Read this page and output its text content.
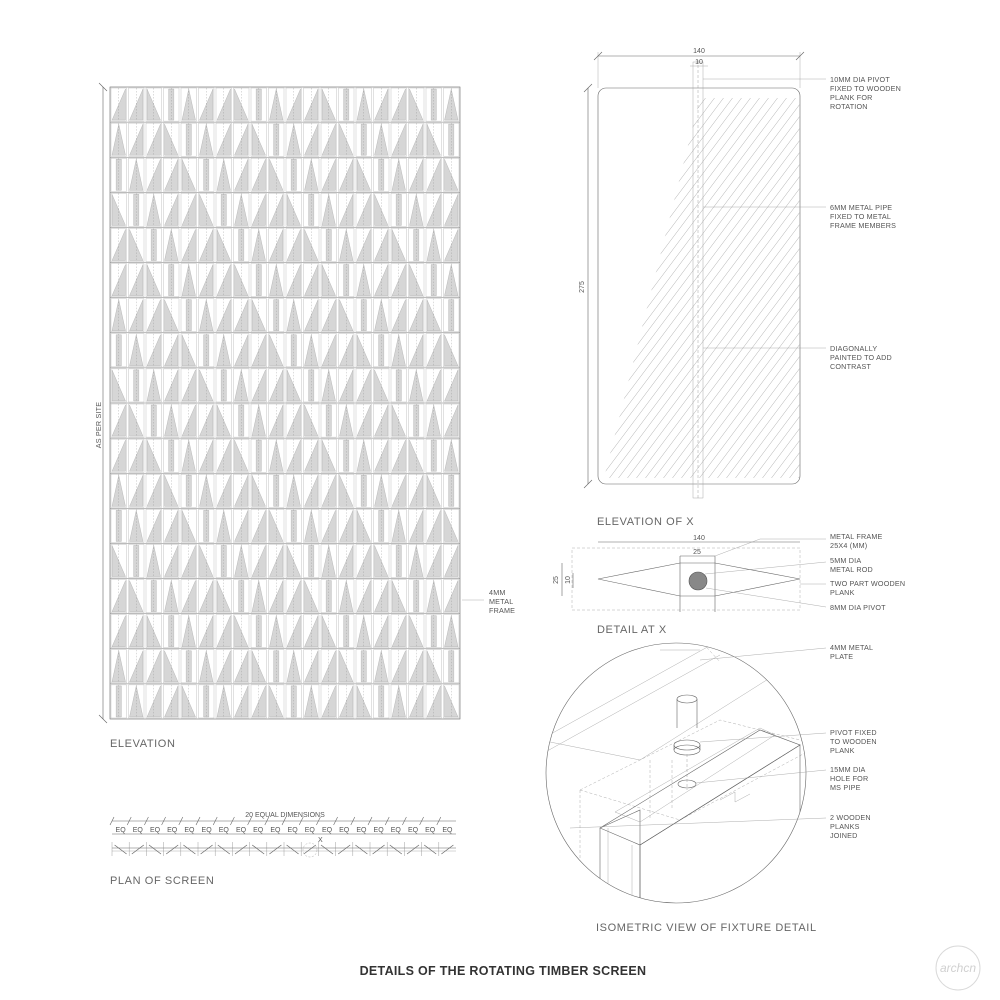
AS PER SITE
4MM
METAL
FRAME
ELEVATION
20 EQUAL DIMENSIONS
EQ EQ EQ EQ EQ EQ EQ EQ EQ EQ EQ EQ EQ EQ EQ EQ EQ EQ EQ EQ
X
PLAN OF SCREEN
140
10
275
10MM DIA PIVOT
FIXED TO WOODEN
PLANK FOR
ROTATION
6MM METAL PIPE
FIXED TO METAL
FRAME MEMBERS
DIAGONALLY
PAINTED TO ADD
CONTRAST
ELEVATION OF X
140
25
25 10
METAL FRAME
25X4 (MM)
5MM DIA
METAL ROD
TWO PART WOODEN
PLANK
8MM DIA PIVOT
DETAIL AT X
4MM METAL
PLATE
PIVOT FIXED
TO WOODEN
PLANK
15MM DIA
HOLE FOR
MS PIPE
2 WOODEN
PLANKS
JOINED
ISOMETRIC VIEW OF FIXTURE DETAIL
DETAILS OF THE ROTATING TIMBER SCREEN	archcn
